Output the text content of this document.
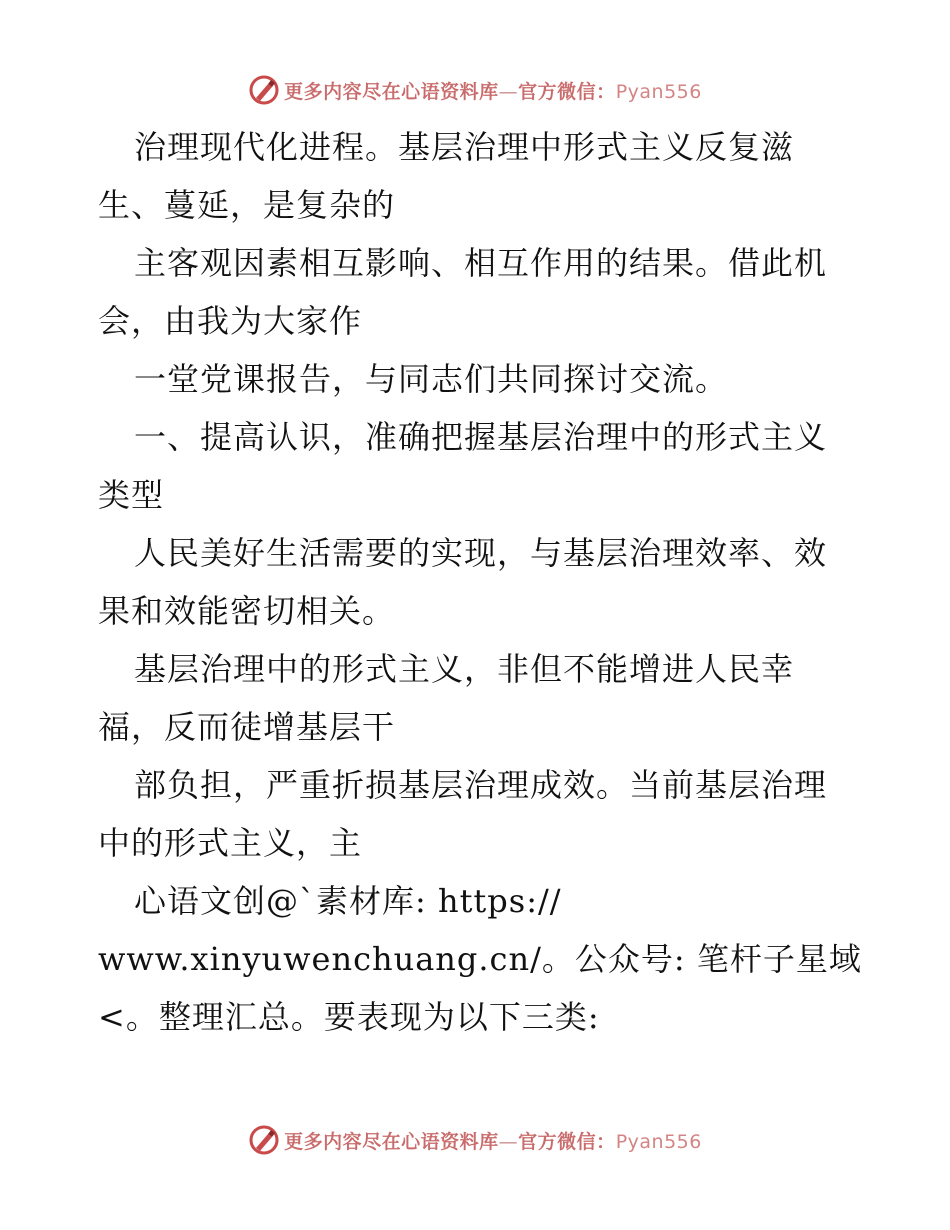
更多内容尽在心语资料库—官方微信：Pyan556
治理现代化进程。基层治理中形式主义反复滋
生、蔓延，是复杂的
主客观因素相互影响、相互作用的结果。借此机
会，由我为大家作
一堂党课报告，与同志们共同探讨交流。
一、提高认识，准确把握基层治理中的形式主义
类型
人民美好生活需要的实现，与基层治理效率、效
果和效能密切相关。
基层治理中的形式主义，非但不能增进人民幸
福，反而徒增基层干
部负担，严重折损基层治理成效。当前基层治理
中的形式主义，主
心语文创@`素材库: https://
www.xinyuwenchuang.cn/。公众号: 笔杆子星域
<。整理汇总。要表现为以下三类:
更多内容尽在心语资料库—官方微信：Pyan556
